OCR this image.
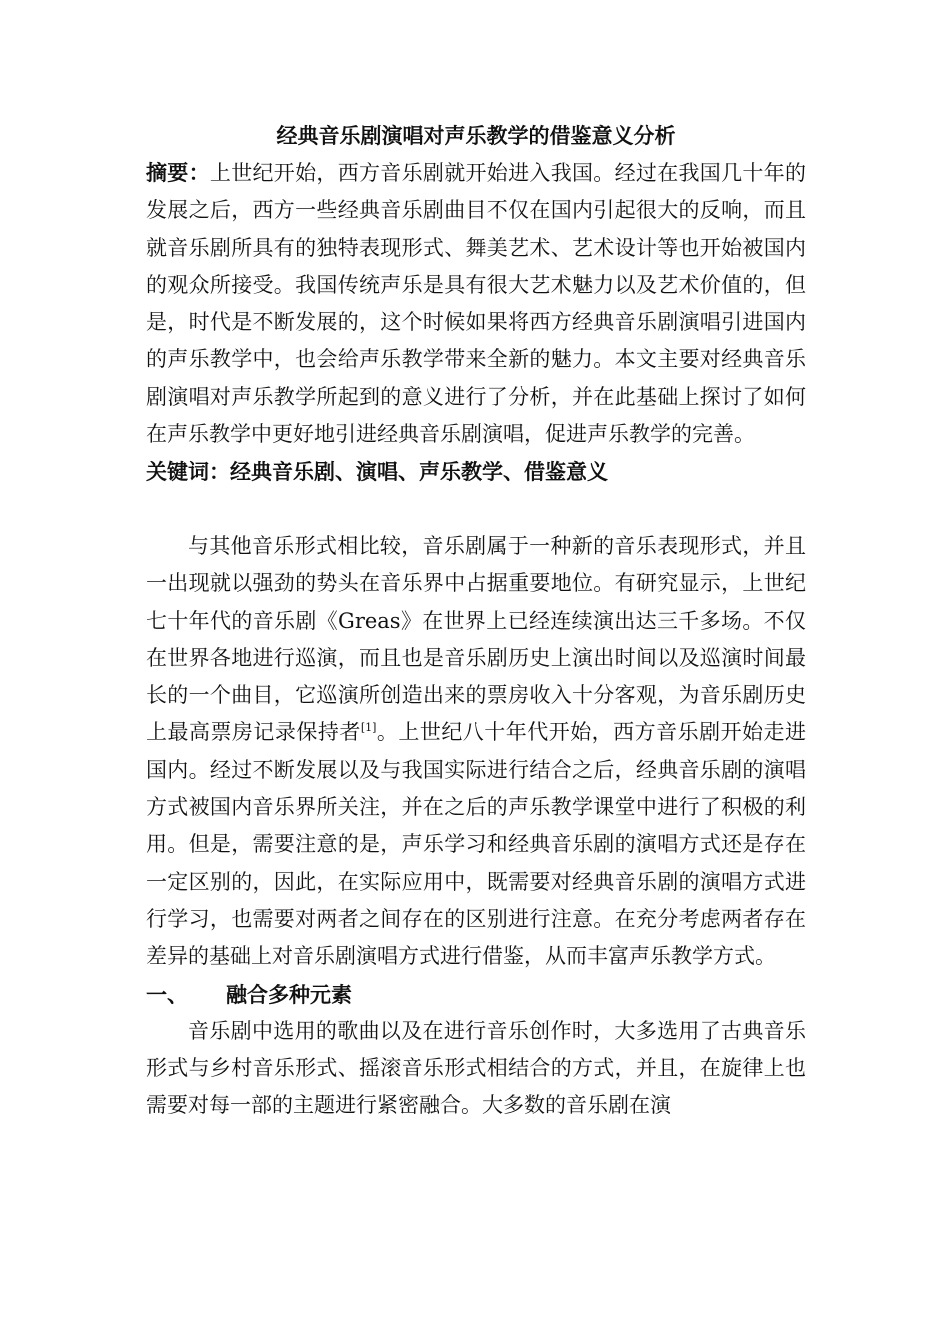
经典音乐剧演唱对声乐教学的借鉴意义分析

摘要：上世纪开始，西方音乐剧就开始进入我国。经过在我国几十年的发展之后，西方一些经典音乐剧曲目不仅在国内引起很大的反响，而且就音乐剧所具有的独特表现形式、舞美艺术、艺术设计等也开始被国内的观众所接受。我国传统声乐是具有很大艺术魅力以及艺术价值的，但是，时代是不断发展的，这个时候如果将西方经典音乐剧演唱引进国内的声乐教学中，也会给声乐教学带来全新的魅力。本文主要对经典音乐剧演唱对声乐教学所起到的意义进行了分析，并在此基础上探讨了如何在声乐教学中更好地引进经典音乐剧演唱，促进声乐教学的完善。

关键词：经典音乐剧、演唱、声乐教学、借鉴意义

与其他音乐形式相比较，音乐剧属于一种新的音乐表现形式，并且一出现就以强劲的势头在音乐界中占据重要地位。有研究显示，上世纪七十年代的音乐剧《Greas》在世界上已经连续演出达三千多场。不仅在世界各地进行巡演，而且也是音乐剧历史上演出时间以及巡演时间最长的一个曲目，它巡演所创造出来的票房收入十分客观，为音乐剧历史上最高票房记录保持者[1]。上世纪八十年代开始，西方音乐剧开始走进国内。经过不断发展以及与我国实际进行结合之后，经典音乐剧的演唱方式被国内音乐界所关注，并在之后的声乐教学课堂中进行了积极的利用。但是，需要注意的是，声乐学习和经典音乐剧的演唱方式还是存在一定区别的，因此，在实际应用中，既需要对经典音乐剧的演唱方式进行学习，也需要对两者之间存在的区别进行注意。在充分考虑两者存在差异的基础上对音乐剧演唱方式进行借鉴，从而丰富声乐教学方式。

一、 融合多种元素

音乐剧中选用的歌曲以及在进行音乐创作时，大多选用了古典音乐形式与乡村音乐形式、摇滚音乐形式相结合的方式，并且，在旋律上也需要对每一部的主题进行紧密融合。大多数的音乐剧在演
